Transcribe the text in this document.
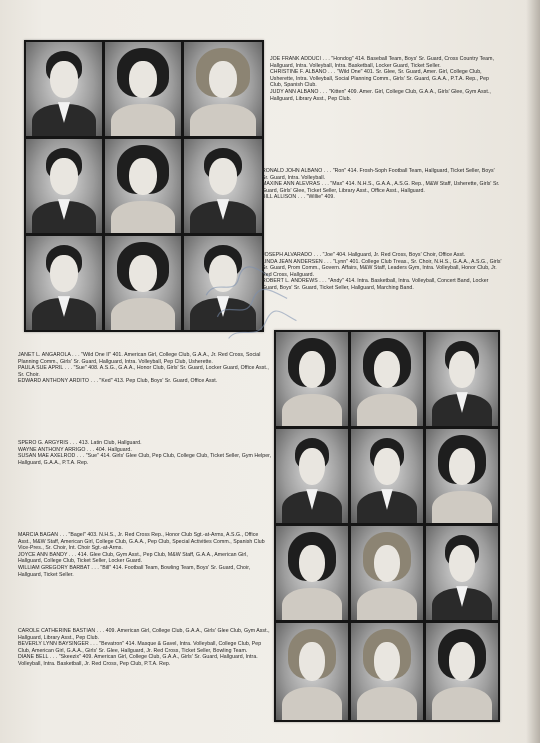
JOE FRANK ADDUCI . . . "Hondog" 414. Baseball Team, Boys' Sr. Guard, Cross Country Team, Hallguard, Intra. Volleyball, Intra. Basketball, Locker Guard, Ticket Seller.

CHRISTINE F. ALBANO . . . "Wild One" 401. Sr. Glee, Sr. Guard, Amer. Girl, College Club, Usherette, Intra. Volleyball, Social Planning Comm., Girls' Sr. Guard, G.A.A., P.T.A. Rep., Pep Club, Spanish Club.

JUDY ANN ALBANO . . . "Kitten" 409. Amer. Girl, College Club, G.A.A., Girls' Glee, Gym Asst., Hallguard, Library Asst., Pep Club.

RONALD JOHN ALBANO . . . "Ron" 414. Frosh-Soph Football Team, Hallguard, Ticket Seller, Boys' Sr. Guard, Intra. Volleyball.

MAXINE ANN ALEVRAS . . . "Max" 414. N.H.S., G.A.A., A.S.G. Rep., M&W Staff, Usherette, Girls' Sr. Guard, Girls' Glee, Ticket Seller, Library Asst., Office Asst., Hallguard.

BILL ALLISON . . . "Willie" 409.

JOSEPH ALVARADO . . . "Joe" 404. Hallguard, Jr. Red Cross, Boys' Choir, Office Asst.

LINDA JEAN ANDERSEN . . . "Lynn" 401. College Club Treas., Sr. Choir, N.H.S., G.A.A., A.S.G., Girls' Sr. Guard, Prom Comm., Govern. Affairs, M&W Staff, Leaders Gym, Intra. Volleyball, Honor Club, Jr. Red Cross, Hallguard.

ROBERT L. ANDREWS . . . "Andy" 414. Intra. Basketball, Intra. Volleyball, Concert Band, Locker Guard, Boys' Sr. Guard, Ticket Seller, Hallguard, Marching Band.

JANET L. ANGAROLA . . . "Wild One II" 401. American Girl, College Club, G.A.A., Jr. Red Cross, Social Planning Comm., Girls' Sr. Guard, Hallguard, Intra. Volleyball, Pep Club, Usherette.

PAULA SUE APRIL . . . "Sue" 408. A.S.G., G.A.A., Honor Club, Girls' Sr. Guard, Locker Guard, Office Asst., Sr. Choir.

EDWARD ANTHONY ARDITO . . . "Ked" 413. Pep Club, Boys' Sr. Guard, Office Asst.

SPERO G. ARGYRIS . . . 413. Latin Club, Hallguard.

WAYNE ANTHONY ARRIGO . . . 404. Hallguard.

SUSAN MAE AXELROD . . . "Sue" 414. Girls' Glee Club, Pep Club, College Club, Ticket Seller, Gym Helper, Hallguard, G.A.A., P.T.A. Rep.

MARCIA BAGAN . . . "Bagel" 403. N.H.S., Jr. Red Cross Rep., Honor Club Sgt.-at-Arms, A.S.G., Office Asst., M&W Staff, American Girl, College Club, G.A.A., Pep Club, Special Activities Comm., Spanish Club Vice-Pres., Sr. Choir, Int. Choir Sgt.-at-Arms.

JOYCE ANN BANDY . . . 414. Glee Club, Gym Asst., Pep Club, M&W Staff, G.A.A., American Girl, Hallguard, College Club, Ticket Seller, Locker Guard.

WILLIAM GREGORY BARBAT . . . "Bill" 414. Football Team, Bowling Team, Boys' Sr. Guard, Choir, Hallguard, Ticket Seller.

CAROLE CATHERINE BASTIAN . . . 409. American Girl, College Club, G.A.A., Girls' Glee Club, Gym Asst., Hallguard, Library Asst., Pep Club.

BEVERLY LYNN BAYSINGER . . . "Bevatron" 414. Masque & Gavel, Intra. Volleyball, College Club, Pep Club, American Girl, G.A.A., Girls' Sr. Glee, Hallguard, Jr. Red Cross, Ticket Seller, Bowling Team.

DIANE BELL . . . "Skeezix" 409. American Girl, College Club, G.A.A., Girls' Sr. Guard, Hallguard, Intra. Volleyball, Intra. Basketball, Jr. Red Cross, Pep Club, P.T.A. Rep.
